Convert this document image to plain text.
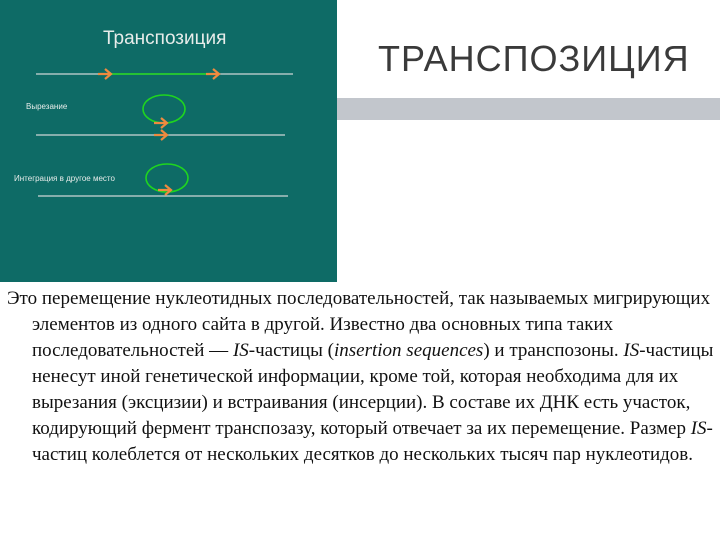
Транспозиция
Вырезание
Интеграция в другое место
ТРАНСПОЗИЦИЯ

Это перемещение нуклеотидных последовательностей, так называемых мигрирующих элементов из одного сайта в другой. Известно два основных типа таких последовательностей — IS-частицы (insertion sequences) и транспозоны. IS-частицы ненесут иной генетической информации, кроме той, которая необходима для их вырезания (эксцизии) и встраивания (инсерции). В составе их ДНК есть участок, кодирующий фермент транспозазу, который отвечает за их перемещение. Размер IS-частиц колеблется от нескольких десятков до нескольких тысяч пар нуклеотидов.
